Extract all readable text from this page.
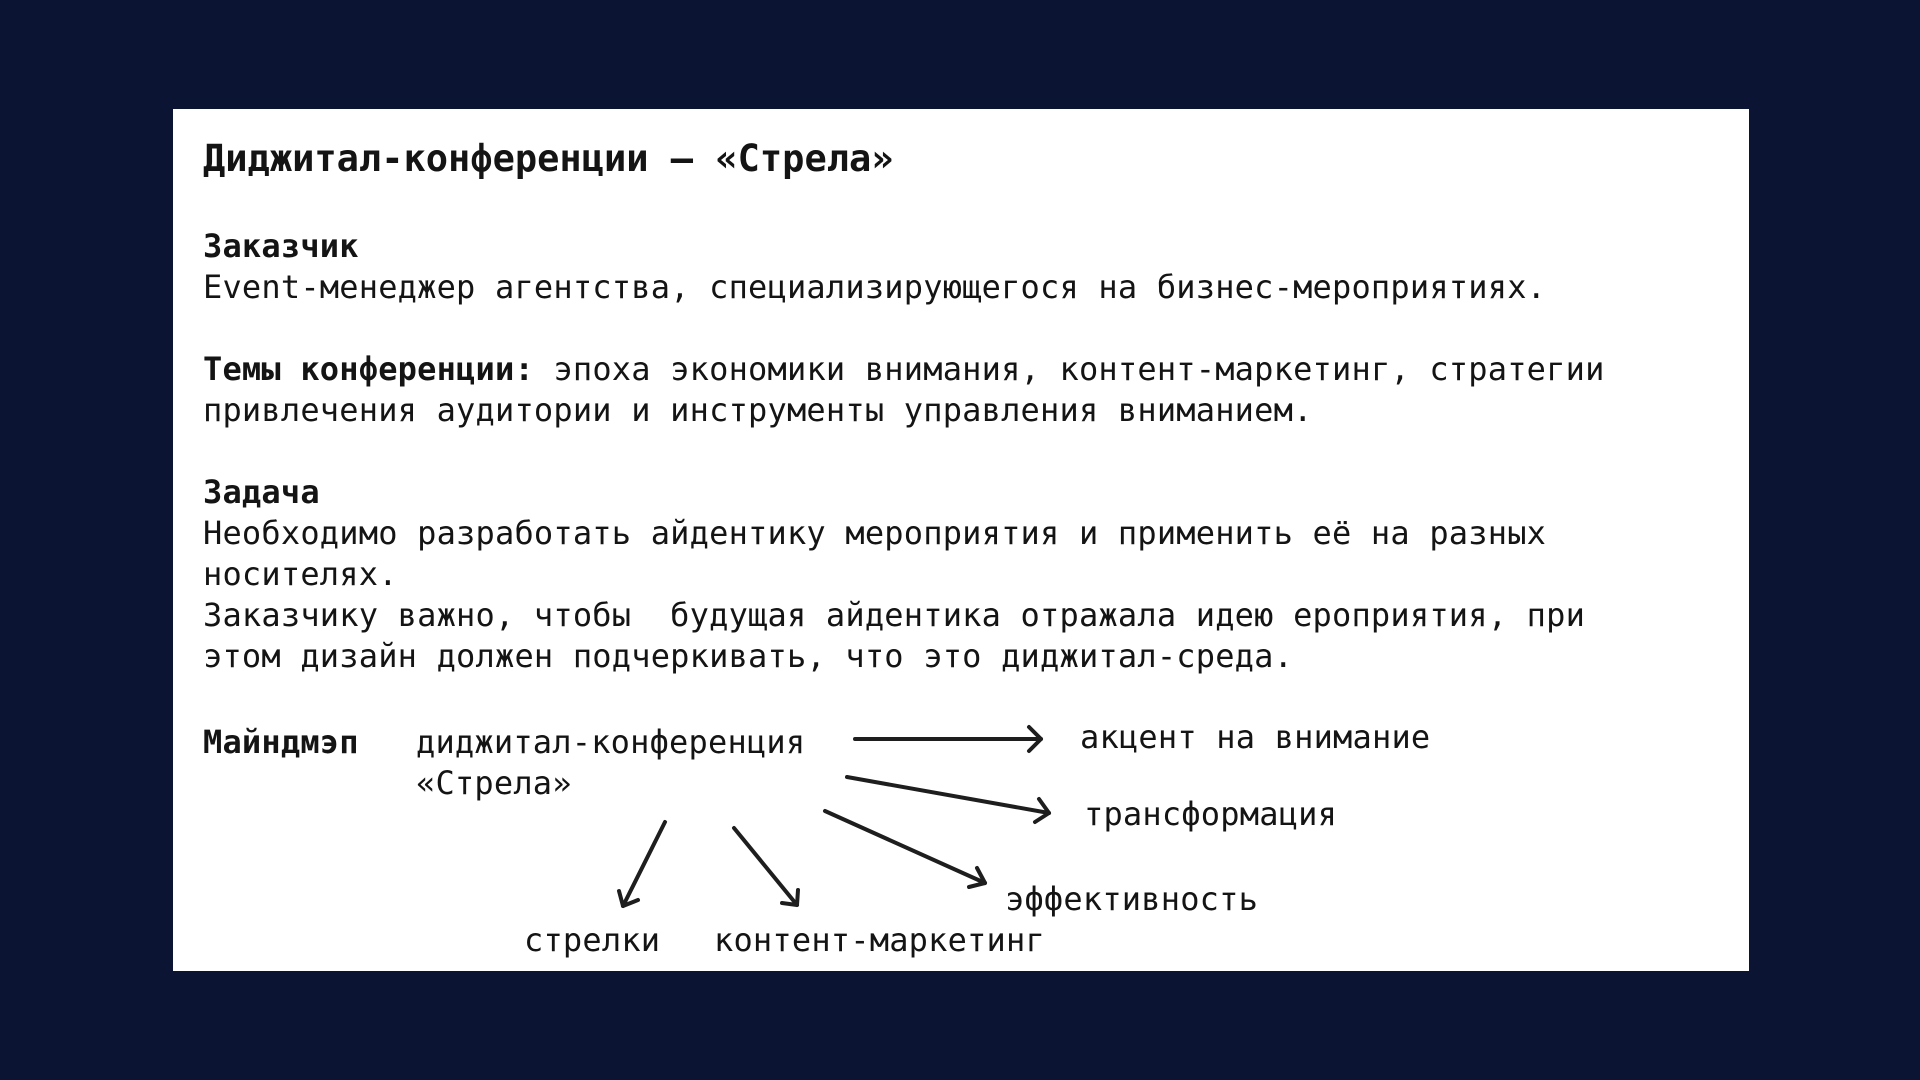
Диджитал-конференции — «Стрела»
Заказчик
Event-менеджер агентства, специализирующегося на бизнес-мероприятиях.
Темы конференции: эпоха экономики внимания, контент-маркетинг, стратегии
привлечения аудитории и инструменты управления вниманием.
Задача
Необходимо разработать айдентику мероприятия и применить её на разных
носителях.
Заказчику важно, чтобы  будущая айдентика отражала идею ероприятия, при
этом дизайн должен подчеркивать, что это диджитал-среда.
Майндмэп диджитал-конференция
«Стрела»
акцент на внимание
трансформация
эффективность
стрелки контент-маркетинг
